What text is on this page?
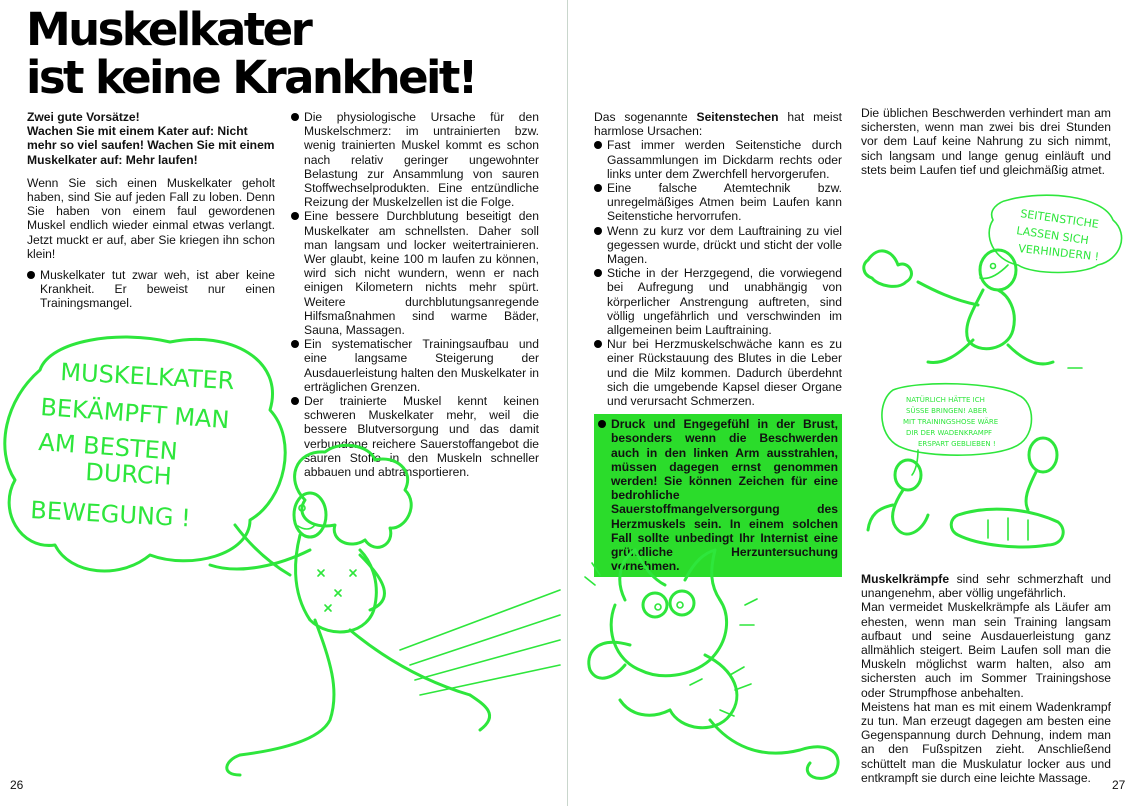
Muskelkater
ist keine Krankheit!
Zwei gute Vorsätze!
Wachen Sie mit einem Kater auf: Nicht mehr so viel saufen! Wachen Sie mit einem Muskelkater auf: Mehr laufen!

Wenn Sie sich einen Muskelkater geholt haben, sind Sie auf jeden Fall zu loben. Denn Sie haben von einem faul gewordenen Muskel endlich wieder einmal etwas verlangt. Jetzt muckt er auf, aber Sie kriegen ihn schon klein!

Muskelkater tut zwar weh, ist aber keine Krankheit. Er beweist nur einen Trainingsmangel.
Die physiologische Ursache für den Muskelschmerz: im untrainierten bzw. wenig trainierten Muskel kommt es schon nach relativ geringer ungewohnter Belastung zur Ansammlung von sauren Stoffwechselprodukten. Eine entzündliche Reizung der Muskelzellen ist die Folge.
Eine bessere Durchblutung beseitigt den Muskelkater am schnellsten. Daher soll man langsam und locker weitertrainieren. Wer glaubt, keine 100 m laufen zu können, wird sich nicht wundern, wenn er nach einigen Kilometern nichts mehr spürt. Weitere durchblutungsanregende Hilfsmaßnahmen sind warme Bäder, Sauna, Massagen.
Ein systematischer Trainingsaufbau und eine langsame Steigerung der Ausdauerleistung halten den Muskelkater in erträglichen Grenzen.
Der trainierte Muskel kennt keinen schweren Muskelkater mehr, weil die bessere Blutversorgung und das damit verbundene reichere Sauerstoffangebot die sauren Stoffe in den Muskeln schneller abbauen und abtransportieren.
MUSKELKATER
BEKÄMPFT MAN
AM BESTEN
DURCH
BEWEGUNG !
26

Das sogenannte Seitenstechen hat meist harmlose Ursachen:

Fast immer werden Seitenstiche durch Gassammlungen im Dickdarm rechts oder links unter dem Zwerchfell hervorgerufen.
Eine falsche Atemtechnik bzw. unregelmäßiges Atmen beim Laufen kann Seitenstiche hervorrufen.
Wenn zu kurz vor dem Lauftraining zu viel gegessen wurde, drückt und sticht der volle Magen.
Stiche in der Herzgegend, die vorwiegend bei Aufregung und unabhängig von körperlicher Anstrengung auftreten, sind völlig ungefährlich und verschwinden im allgemeinen beim Lauftraining.
Nur bei Herzmuskelschwäche kann es zu einer Rückstauung des Blutes in die Leber und die Milz kommen. Dadurch überdehnt sich die umgebende Kapsel dieser Organe und verursacht Schmerzen.
Druck und Engegefühl in der Brust, besonders wenn die Beschwerden auch in den linken Arm ausstrahlen, müssen dagegen ernst genommen werden! Sie können Zeichen für eine bedrohliche Sauerstoffmangelversorgung des Herzmuskels sein. In einem solchen Fall sollte unbedingt Ihr Internist eine gründliche Herzuntersuchung vornehmen.

Die üblichen Beschwerden verhindert man am sichersten, wenn man zwei bis drei Stunden vor dem Lauf keine Nahrung zu sich nimmt, sich langsam und lange genug einläuft und stets beim Laufen tief und gleichmäßig atmet.

SEITENSTICHE
LASSEN SICH
VERHINDERN !
NATÜRLICH HÄTTE ICH
SÜSSE BRINGEN! ABER
MIT TRAININGSHOSE WÄRE
DIR DER WADENKRAMPF
ERSPART GEBLIEBEN !

Muskelkrämpfe sind sehr schmerzhaft und unangenehm, aber völlig ungefährlich.

Man vermeidet Muskelkrämpfe als Läufer am ehesten, wenn man sein Training langsam aufbaut und seine Ausdauerleistung ganz allmählich steigert. Beim Laufen soll man die Muskeln möglichst warm halten, also am sichersten auch im Sommer Trainingshose oder Strumpfhose anbehalten.

Meistens hat man es mit einem Wadenkrampf zu tun. Man erzeugt dagegen am besten eine Gegenspannung durch Dehnung, indem man an den Fußspitzen zieht. Anschließend schüttelt man die Muskulatur locker aus und entkrampft sie durch eine leichte Massage.

27
